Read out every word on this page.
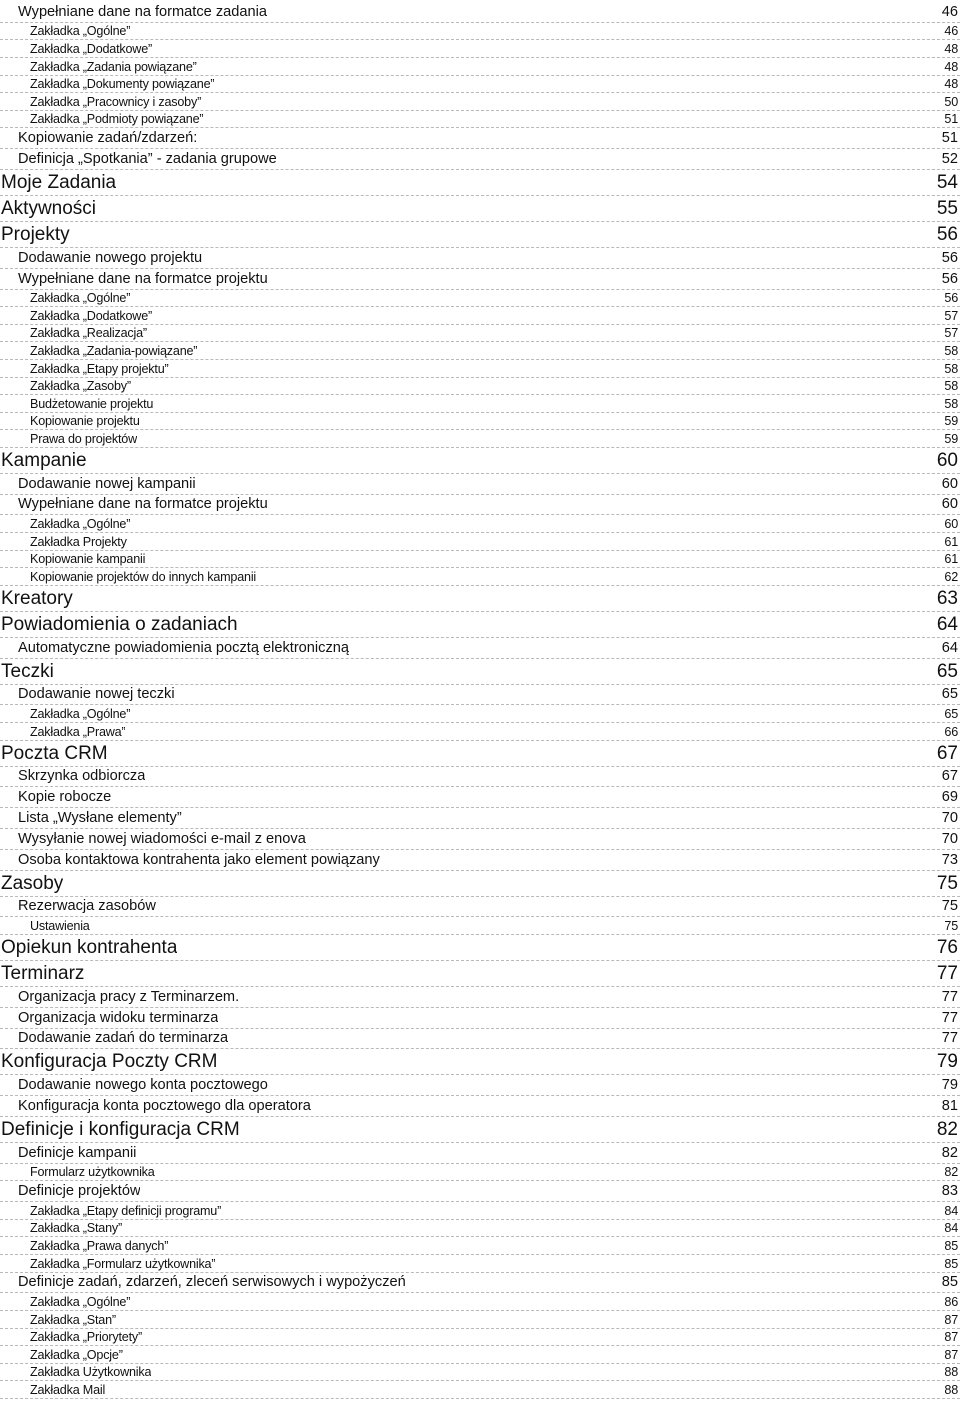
Wypełniane dane na formatce zadania	46
Zakładka „Ogólne”	46
Zakładka „Dodatkowe”	48
Zakładka „Zadania powiązane”	48
Zakładka „Dokumenty powiązane”	48
Zakładka „Pracownicy i zasoby”	50
Zakładka „Podmioty powiązane”	51
Kopiowanie zadań/zdarzeń:	51
Definicja „Spotkania” - zadania grupowe	52
Moje Zadania	54
Aktywności	55
Projekty	56
Dodawanie nowego projektu	56
Wypełniane dane na formatce projektu	56
Zakładka „Ogólne”	56
Zakładka „Dodatkowe”	57
Zakładka „Realizacja”	57
Zakładka „Zadania-powiązane”	58
Zakładka „Etapy projektu”	58
Zakładka „Zasoby”	58
Budżetowanie projektu	58
Kopiowanie projektu	59
Prawa do projektów	59
Kampanie	60
Dodawanie nowej kampanii	60
Wypełniane dane na formatce projektu	60
Zakładka „Ogólne”	60
Zakładka Projekty	61
Kopiowanie kampanii	61
Kopiowanie projektów do innych kampanii	62
Kreatory	63
Powiadomienia o zadaniach	64
Automatyczne powiadomienia pocztą elektroniczną	64
Teczki	65
Dodawanie nowej teczki	65
Zakładka „Ogólne”	65
Zakładka „Prawa”	66
Poczta CRM	67
Skrzynka odbiorcza	67
Kopie robocze	69
Lista „Wysłane elementy”	70
Wysyłanie nowej wiadomości e-mail z enova	70
Osoba kontaktowa kontrahenta jako element powiązany	73
Zasoby	75
Rezerwacja zasobów	75
Ustawienia	75
Opiekun kontrahenta	76
Terminarz	77
Organizacja pracy z Terminarzem.	77
Organizacja widoku terminarza	77
Dodawanie zadań do terminarza	77
Konfiguracja Poczty CRM	79
Dodawanie nowego konta pocztowego	79
Konfiguracja konta pocztowego dla operatora	81
Definicje i konfiguracja CRM	82
Definicje kampanii	82
Formularz użytkownika	82
Definicje projektów	83
Zakładka „Etapy definicji programu”	84
Zakładka „Stany”	84
Zakładka „Prawa danych”	85
Zakładka „Formularz użytkownika”	85
Definicje zadań, zdarzeń, zleceń serwisowych i wypożyczeń	85
Zakładka „Ogólne”	86
Zakładka „Stan”	87
Zakładka „Priorytety”	87
Zakładka „Opcje”	87
Zakładka Użytkownika	88
Zakładka Mail	88
